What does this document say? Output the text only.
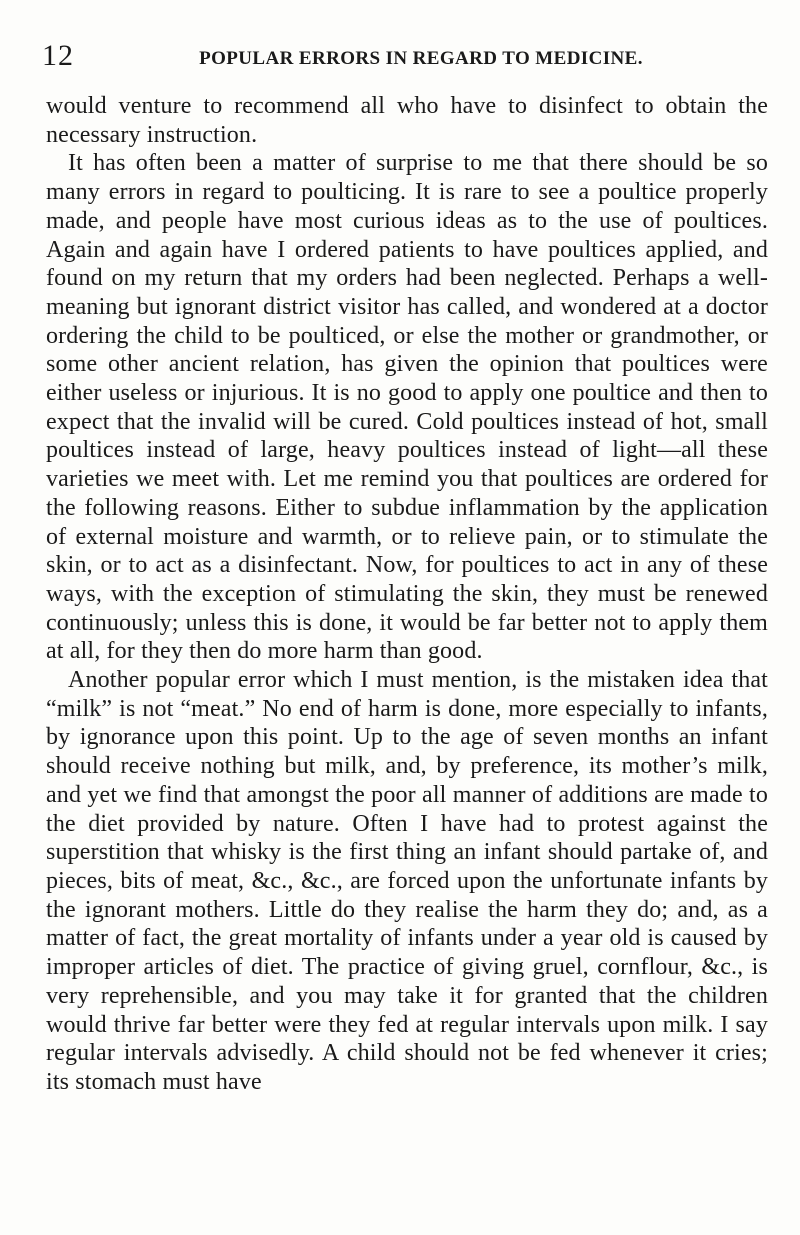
12	POPULAR ERRORS IN REGARD TO MEDICINE.

would venture to recommend all who have to disinfect to obtain the necessary instruction.

It has often been a matter of surprise to me that there should be so many errors in regard to poulticing. It is rare to see a poultice properly made, and people have most curious ideas as to the use of poultices. Again and again have I ordered patients to have poultices applied, and found on my return that my orders had been neglected. Perhaps a well-meaning but ignorant district visitor has called, and wondered at a doctor ordering the child to be poulticed, or else the mother or grandmother, or some other ancient relation, has given the opinion that poultices were either useless or injurious. It is no good to apply one poultice and then to expect that the invalid will be cured. Cold poultices instead of hot, small poultices instead of large, heavy poultices instead of light—all these varieties we meet with. Let me remind you that poultices are ordered for the following reasons. Either to subdue inflammation by the application of external moisture and warmth, or to relieve pain, or to stimulate the skin, or to act as a disinfectant. Now, for poultices to act in any of these ways, with the exception of stimulating the skin, they must be renewed continuously; unless this is done, it would be far better not to apply them at all, for they then do more harm than good.

Another popular error which I must mention, is the mistaken idea that “milk” is not “meat.” No end of harm is done, more especially to infants, by ignorance upon this point. Up to the age of seven months an infant should receive nothing but milk, and, by preference, its mother’s milk, and yet we find that amongst the poor all manner of additions are made to the diet provided by nature. Often I have had to protest against the superstition that whisky is the first thing an infant should partake of, and pieces, bits of meat, &c., &c., are forced upon the unfortunate infants by the ignorant mothers. Little do they realise the harm they do; and, as a matter of fact, the great mortality of infants under a year old is caused by improper articles of diet. The practice of giving gruel, cornflour, &c., is very reprehensible, and you may take it for granted that the children would thrive far better were they fed at regular intervals upon milk. I say regular intervals advisedly. A child should not be fed whenever it cries; its stomach must have
